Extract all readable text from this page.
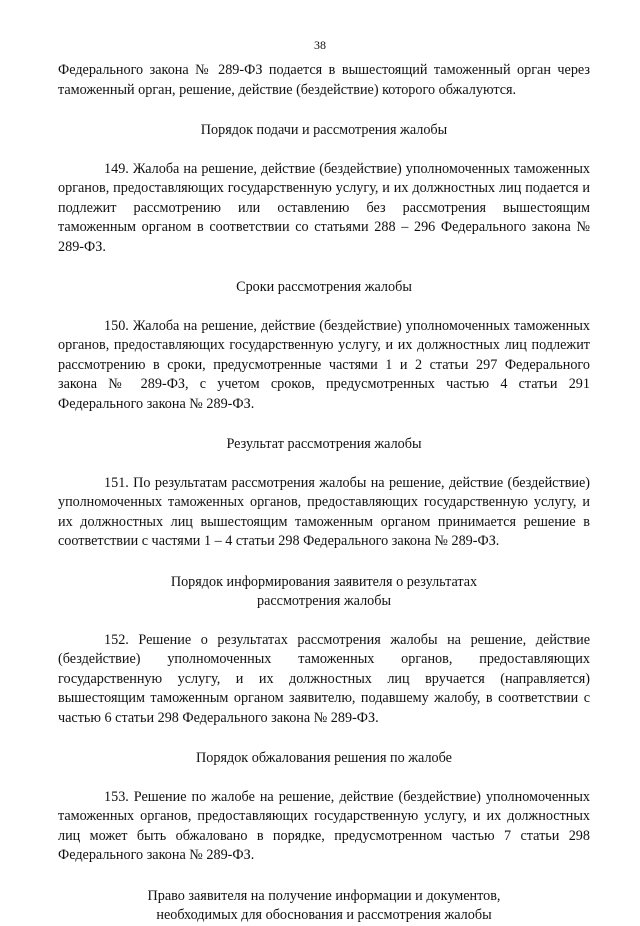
38

Федерального закона № 289-ФЗ подается в вышестоящий таможенный орган через таможенный орган, решение, действие (бездействие) которого обжалуются.

Порядок подачи и рассмотрения жалобы

149. Жалоба на решение, действие (бездействие) уполномоченных таможенных органов, предоставляющих государственную услугу, и их должностных лиц подается и подлежит рассмотрению или оставлению без рассмотрения вышестоящим таможенным органом в соответствии со статьями 288 – 296 Федерального закона № 289-ФЗ.

Сроки рассмотрения жалобы

150. Жалоба на решение, действие (бездействие) уполномоченных таможенных органов, предоставляющих государственную услугу, и их должностных лиц подлежит рассмотрению в сроки, предусмотренные частями 1 и 2 статьи 297 Федерального закона № 289-ФЗ, с учетом сроков, предусмотренных частью 4 статьи 291 Федерального закона № 289-ФЗ.

Результат рассмотрения жалобы

151. По результатам рассмотрения жалобы на решение, действие (бездействие) уполномоченных таможенных органов, предоставляющих государственную услугу, и их должностных лиц вышестоящим таможенным органом принимается решение в соответствии с частями 1 – 4 статьи 298 Федерального закона № 289-ФЗ.

Порядок информирования заявителя о результатах
рассмотрения жалобы

152. Решение о результатах рассмотрения жалобы на решение, действие (бездействие) уполномоченных таможенных органов, предоставляющих государственную услугу, и их должностных лиц вручается (направляется) вышестоящим таможенным органом заявителю, подавшему жалобу, в соответствии с частью 6 статьи 298 Федерального закона № 289-ФЗ.

Порядок обжалования решения по жалобе

153. Решение по жалобе на решение, действие (бездействие) уполномоченных таможенных органов, предоставляющих государственную услугу, и их должностных лиц может быть обжаловано в порядке, предусмотренном частью 7 статьи 298 Федерального закона № 289-ФЗ.

Право заявителя на получение информации и документов,
необходимых для обоснования и рассмотрения жалобы
